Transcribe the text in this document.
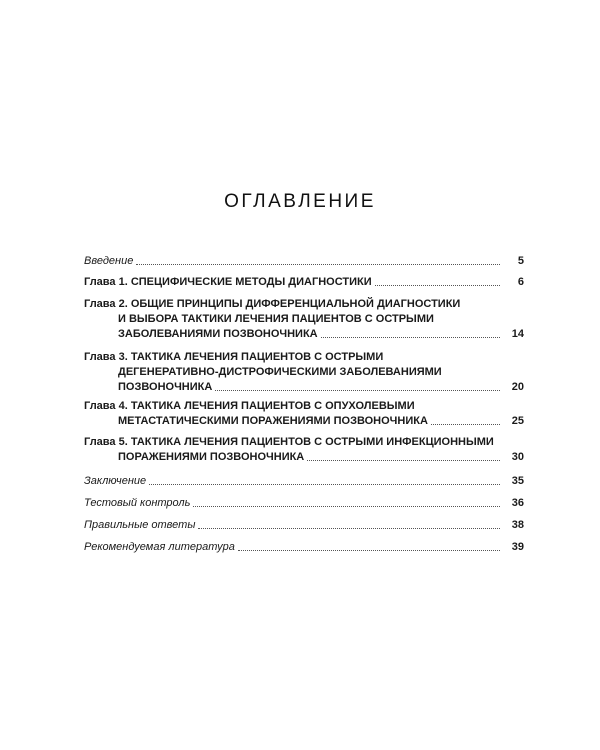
ОГЛАВЛЕНИЕ
Введение	5
Глава 1. СПЕЦИФИЧЕСКИЕ МЕТОДЫ ДИАГНОСТИКИ	6
Глава 2. ОБЩИЕ ПРИНЦИПЫ ДИФФЕРЕНЦИАЛЬНОЙ ДИАГНОСТИКИ
И ВЫБОРА ТАКТИКИ ЛЕЧЕНИЯ ПАЦИЕНТОВ С ОСТРЫМИ
ЗАБОЛЕВАНИЯМИ ПОЗВОНОЧНИКА	14
Глава 3. ТАКТИКА ЛЕЧЕНИЯ ПАЦИЕНТОВ С ОСТРЫМИ
ДЕГЕНЕРАТИВНО-ДИСТРОФИЧЕСКИМИ ЗАБОЛЕВАНИЯМИ
ПОЗВОНОЧНИКА	20
Глава 4. ТАКТИКА ЛЕЧЕНИЯ ПАЦИЕНТОВ С ОПУХОЛЕВЫМИ
МЕТАСТАТИЧЕСКИМИ ПОРАЖЕНИЯМИ ПОЗВОНОЧНИКА	25
Глава 5. ТАКТИКА ЛЕЧЕНИЯ ПАЦИЕНТОВ С ОСТРЫМИ ИНФЕКЦИОННЫМИ
ПОРАЖЕНИЯМИ ПОЗВОНОЧНИКА	30
Заключение	35
Тестовый контроль	36
Правильные ответы	38
Рекомендуемая литература	39
